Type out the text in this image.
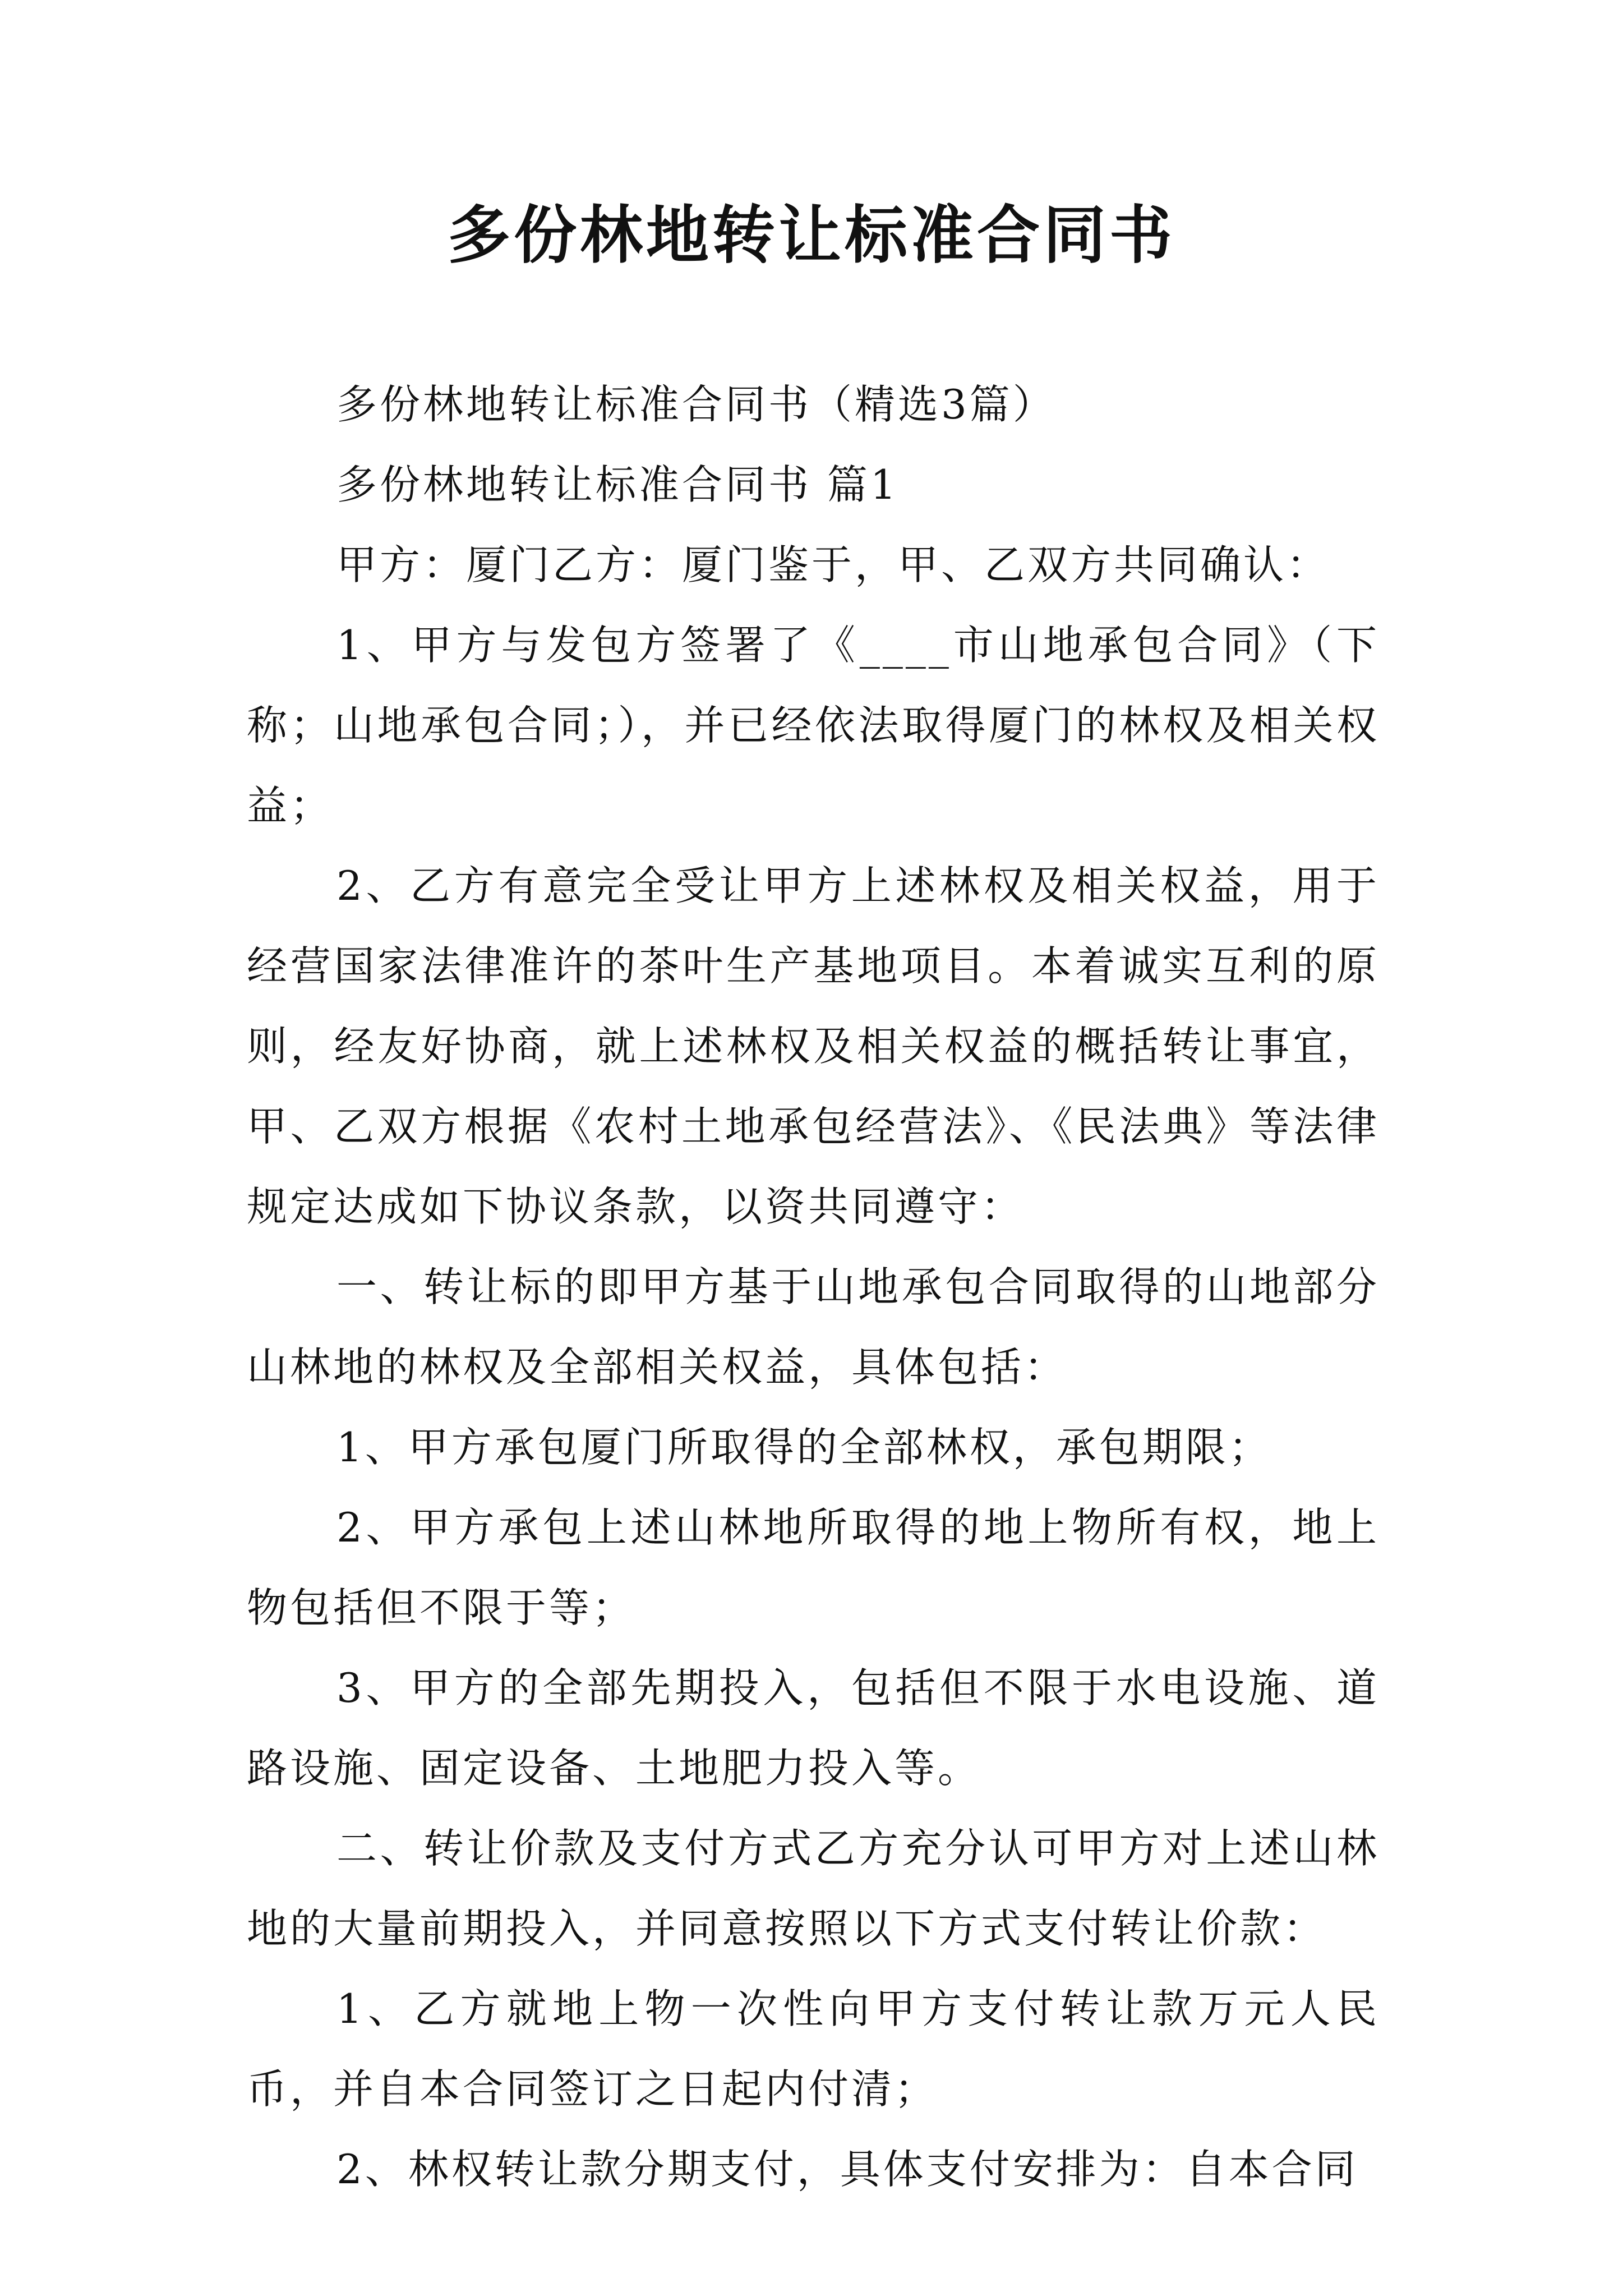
多份林地转让标准合同书

多份林地转让标准合同书（精选3篇）

多份林地转让标准合同书 篇1

甲方：厦门乙方：厦门鉴于，甲、乙双方共同确认：

1、甲方与发包方签署了《____市山地承包合同》（下称；山地承包合同；），并已经依法取得厦门的林权及相关权益；

2、乙方有意完全受让甲方上述林权及相关权益，用于经营国家法律准许的茶叶生产基地项目。本着诚实互利的原则，经友好协商，就上述林权及相关权益的概括转让事宜，甲、乙双方根据《农村土地承包经营法》、《民法典》等法律规定达成如下协议条款，以资共同遵守：

一、转让标的即甲方基于山地承包合同取得的山地部分山林地的林权及全部相关权益，具体包括：

1、甲方承包厦门所取得的全部林权，承包期限；

2、甲方承包上述山林地所取得的地上物所有权，地上物包括但不限于等；

3、甲方的全部先期投入，包括但不限于水电设施、道路设施、固定设备、土地肥力投入等。

二、转让价款及支付方式乙方充分认可甲方对上述山林地的大量前期投入，并同意按照以下方式支付转让价款：

1、乙方就地上物一次性向甲方支付转让款万元人民币，并自本合同签订之日起内付清；

2、林权转让款分期支付，具体支付安排为：自本合同
